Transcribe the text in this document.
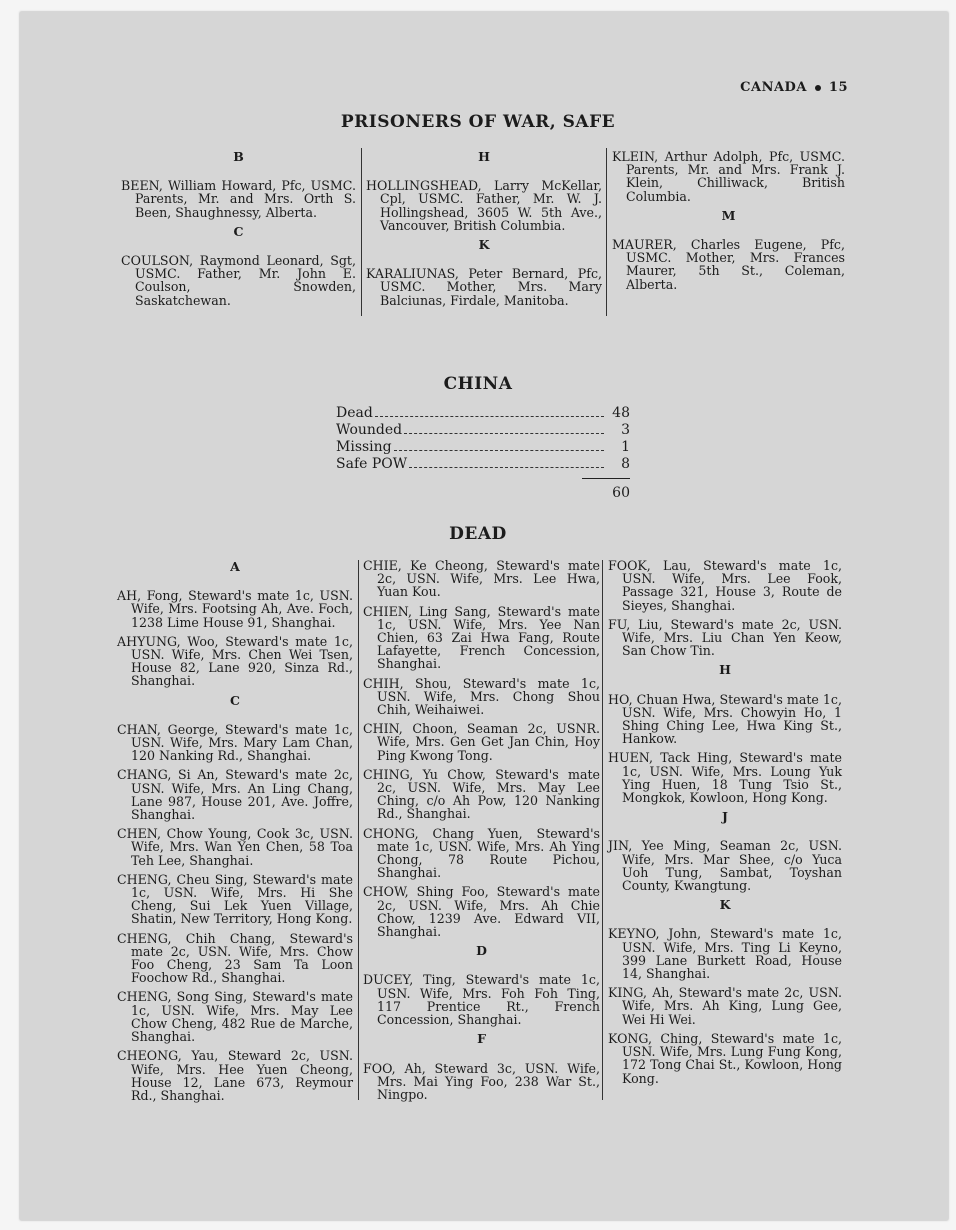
CANADA 15
PRISONERS OF WAR, SAFE
B
BEEN, William Howard, Pfc, USMC. Parents, Mr. and Mrs. Orth S. Been, Shaughnessy, Alberta.
C
COULSON, Raymond Leonard, Sgt, USMC. Father, Mr. John E. Coulson, Snowden, Saskatchewan.
H
HOLLINGSHEAD, Larry McKellar, Cpl, USMC. Father, Mr. W. J. Hollingshead, 3605 W. 5th Ave., Vancouver, British Columbia.
K
KARALIUNAS, Peter Bernard, Pfc, USMC. Mother, Mrs. Mary Balciunas, Firdale, Manitoba.
KLEIN, Arthur Adolph, Pfc, USMC. Parents, Mr. and Mrs. Frank J. Klein, Chilliwack, British Columbia.
M
MAURER, Charles Eugene, Pfc, USMC. Mother, Mrs. Frances Maurer, 5th St., Coleman, Alberta.
CHINA
Dead	48
Wounded	3
Missing	1
Safe POW	8
60
DEAD
A
AH, Fong, Steward's mate 1c, USN. Wife, Mrs. Footsing Ah, Ave. Foch, 1238 Lime House 91, Shanghai.
AHYUNG, Woo, Steward's mate 1c, USN. Wife, Mrs. Chen Wei Tsen, House 82, Lane 920, Sinza Rd., Shanghai.
C
CHAN, George, Steward's mate 1c, USN. Wife, Mrs. Mary Lam Chan, 120 Nanking Rd., Shanghai.
CHANG, Si An, Steward's mate 2c, USN. Wife, Mrs. An Ling Chang, Lane 987, House 201, Ave. Joffre, Shanghai.
CHEN, Chow Young, Cook 3c, USN. Wife, Mrs. Wan Yen Chen, 58 Toa Teh Lee, Shanghai.
CHENG, Cheu Sing, Steward's mate 1c, USN. Wife, Mrs. Hi She Cheng, Sui Lek Yuen Village, Shatin, New Territory, Hong Kong.
CHENG, Chih Chang, Steward's mate 2c, USN. Wife, Mrs. Chow Foo Cheng, 23 Sam Ta Loon Foochow Rd., Shanghai.
CHENG, Song Sing, Steward's mate 1c, USN. Wife, Mrs. May Lee Chow Cheng, 482 Rue de Marche, Shanghai.
CHEONG, Yau, Steward 2c, USN. Wife, Mrs. Hee Yuen Cheong, House 12, Lane 673, Reymour Rd., Shanghai.
CHIE, Ke Cheong, Steward's mate 2c, USN. Wife, Mrs. Lee Hwa, Yuan Kou.
CHIEN, Ling Sang, Steward's mate 1c, USN. Wife, Mrs. Yee Nan Chien, 63 Zai Hwa Fang, Route Lafayette, French Concession, Shanghai.
CHIH, Shou, Steward's mate 1c, USN. Wife, Mrs. Chong Shou Chih, Weihaiwei.
CHIN, Choon, Seaman 2c, USNR. Wife, Mrs. Gen Get Jan Chin, Hoy Ping Kwong Tong.
CHING, Yu Chow, Steward's mate 2c, USN. Wife, Mrs. May Lee Ching, c/o Ah Pow, 120 Nanking Rd., Shanghai.
CHONG, Chang Yuen, Steward's mate 1c, USN. Wife, Mrs. Ah Ying Chong, 78 Route Pichou, Shanghai.
CHOW, Shing Foo, Steward's mate 2c, USN. Wife, Mrs. Ah Chie Chow, 1239 Ave. Edward VII, Shanghai.
D
DUCEY, Ting, Steward's mate 1c, USN. Wife, Mrs. Foh Foh Ting, 117 Prentice Rt., French Concession, Shanghai.
F
FOO, Ah, Steward 3c, USN. Wife, Mrs. Mai Ying Foo, 238 War St., Ningpo.
FOOK, Lau, Steward's mate 1c, USN. Wife, Mrs. Lee Fook, Passage 321, House 3, Route de Sieyes, Shanghai.
FU, Liu, Steward's mate 2c, USN. Wife, Mrs. Liu Chan Yen Keow, San Chow Tin.
H
HO, Chuan Hwa, Steward's mate 1c, USN. Wife, Mrs. Chowyin Ho, 1 Shing Ching Lee, Hwa King St., Hankow.
HUEN, Tack Hing, Steward's mate 1c, USN. Wife, Mrs. Loung Yuk Ying Huen, 18 Tung Tsio St., Mongkok, Kowloon, Hong Kong.
J
JIN, Yee Ming, Seaman 2c, USN. Wife, Mrs. Mar Shee, c/o Yuca Uoh Tung, Sambat, Toyshan County, Kwangtung.
K
KEYNO, John, Steward's mate 1c, USN. Wife, Mrs. Ting Li Keyno, 399 Lane Burkett Road, House 14, Shanghai.
KING, Ah, Steward's mate 2c, USN. Wife, Mrs. Ah King, Lung Gee, Wei Hi Wei.
KONG, Ching, Steward's mate 1c, USN. Wife, Mrs. Lung Fung Kong, 172 Tong Chai St., Kowloon, Hong Kong.
